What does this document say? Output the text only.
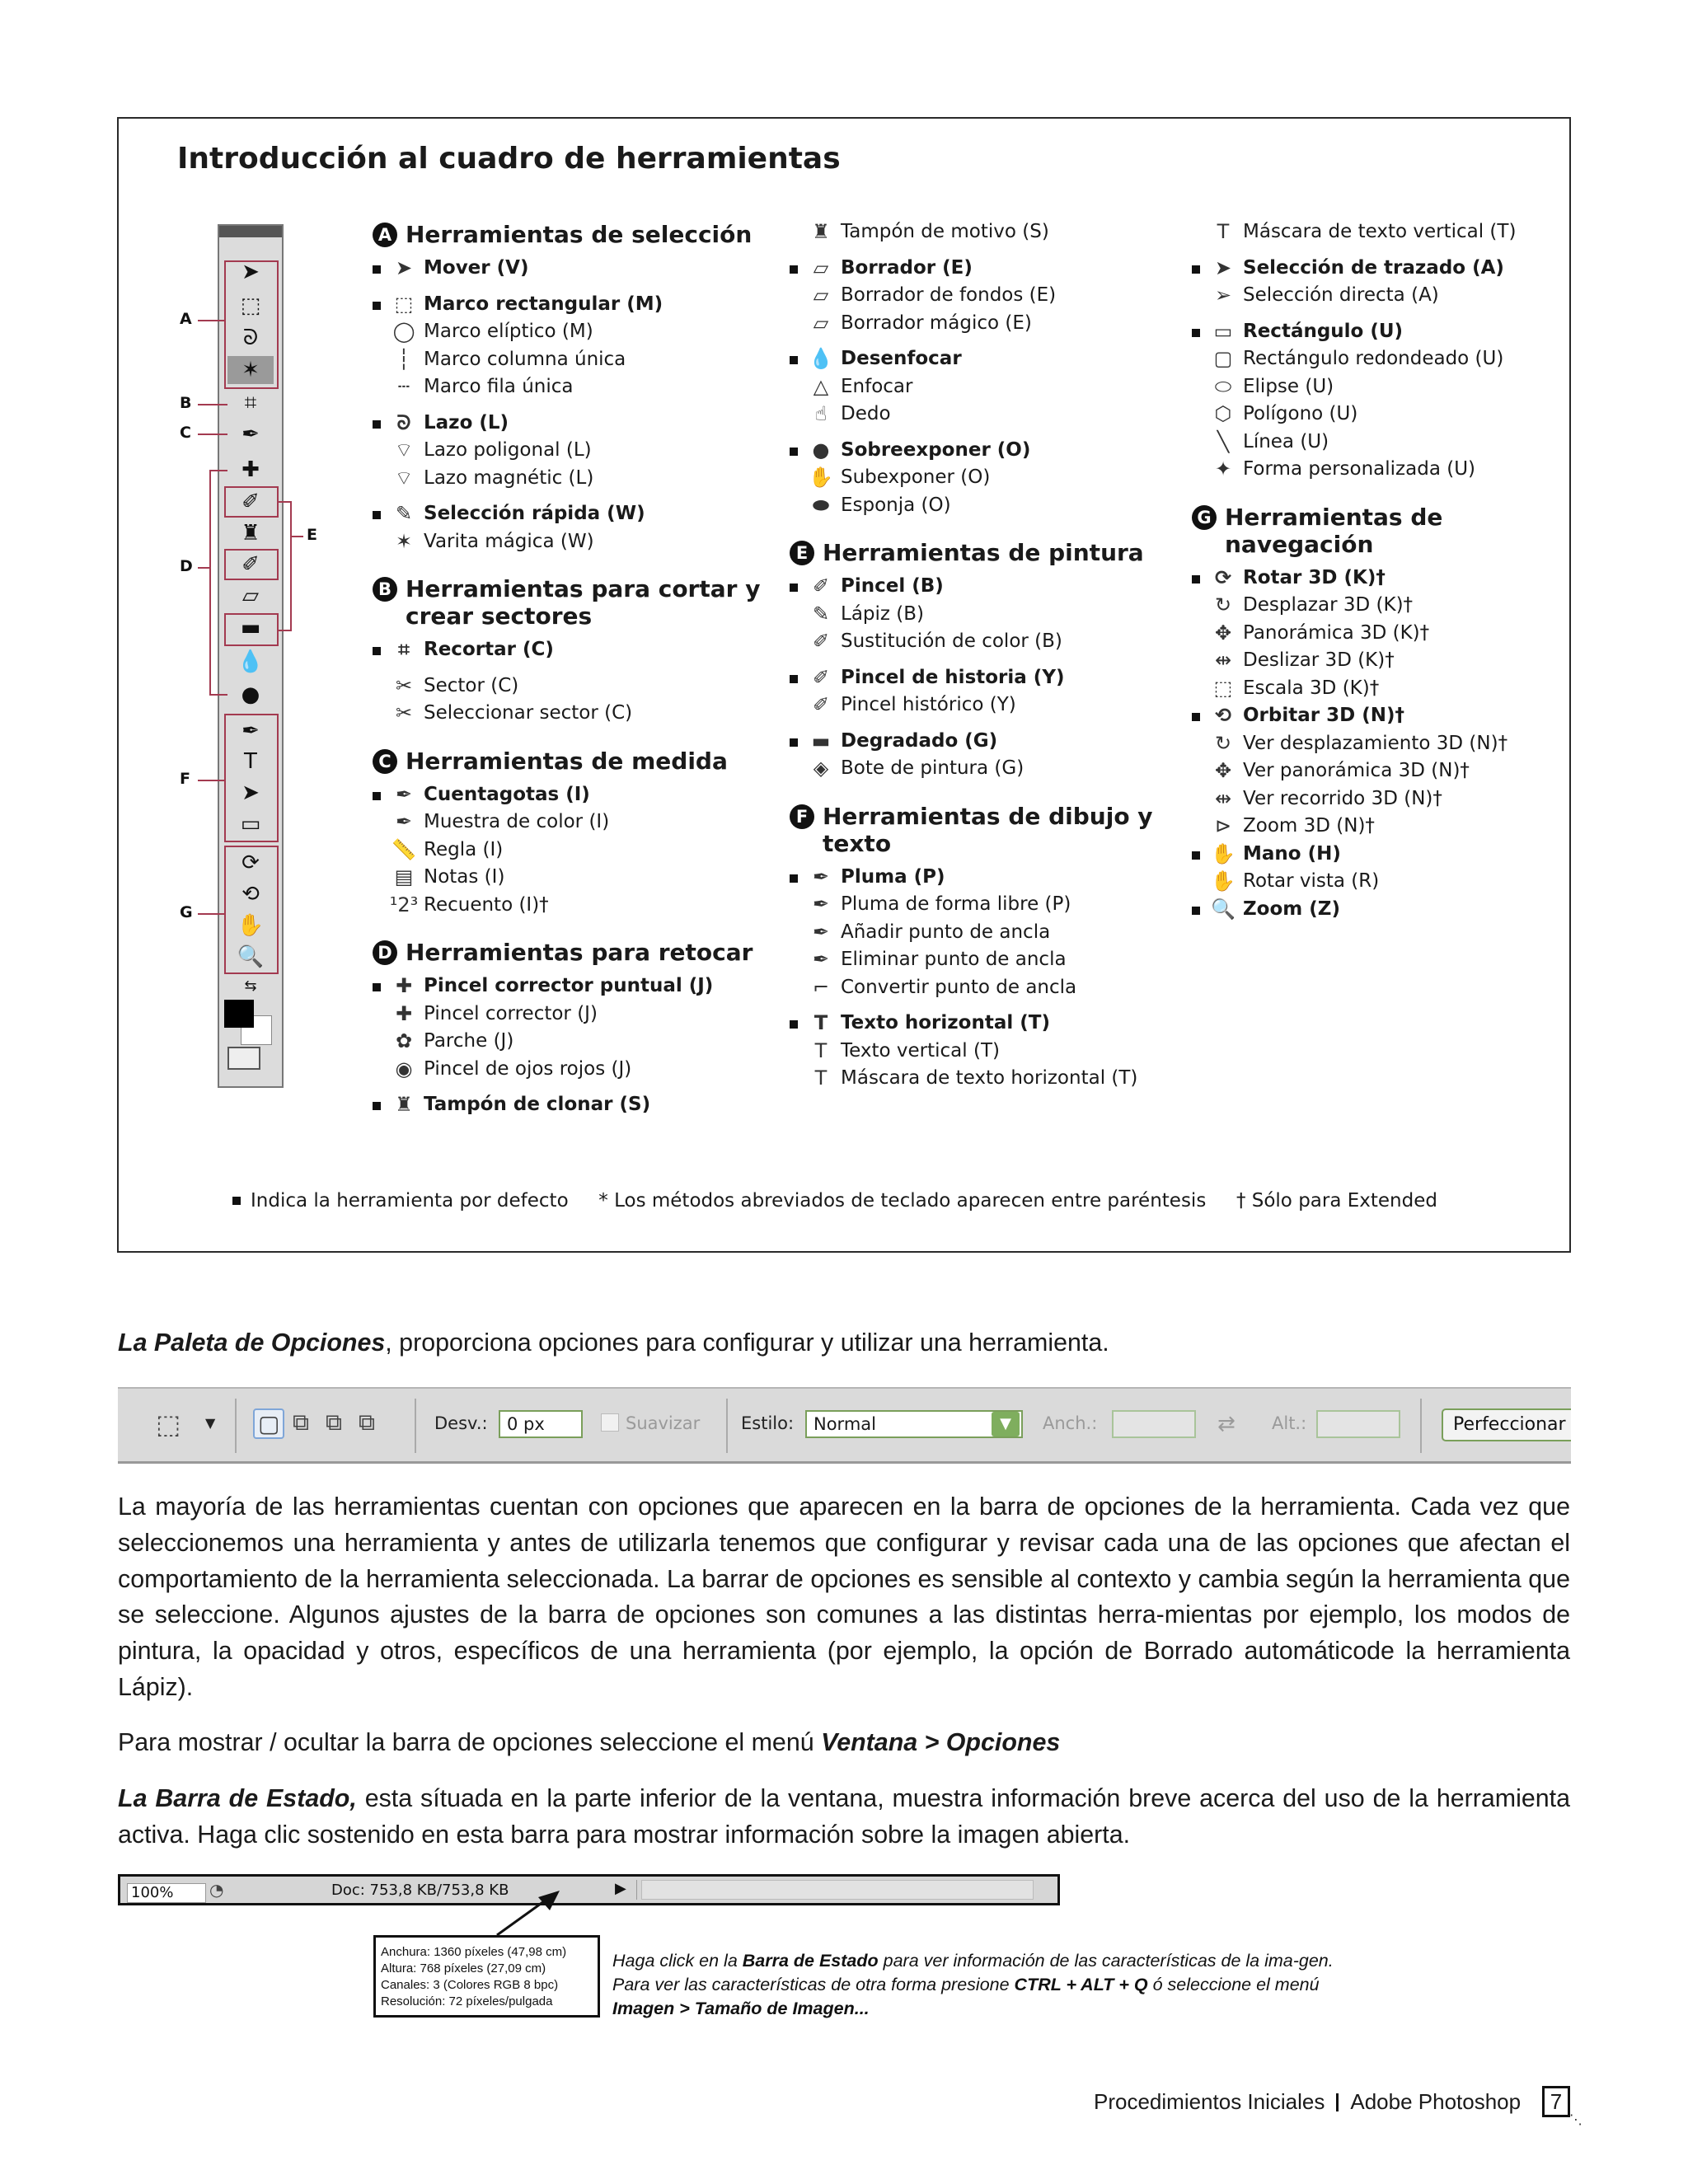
Introducción al cuadro de herramientas
➤
⬚
ᘐ
✶
⌗
✒
✚
✐
♜
✐
▱
▬
💧
●
✒
T
➤
▭
⟳
⟲
✋
🔍
⇆
A
B
C
D
E
F
G
A Herramientas de selección
➤ Mover (V)
⬚ Marco rectangular (M)
◯ Marco elíptico (M)
┆ Marco columna única
┄ Marco fila única
ᘐ Lazo (L)
⌔ Lazo poligonal (L)
⌔ Lazo magnétic (L)
✎ Selección rápida (W)
✶ Varita mágica (W)
B Herramientas para cortar y crear sectores
⌗ Recortar (C)
✂ Sector (C)
✂ Seleccionar sector (C)
C Herramientas de medida
✒ Cuentagotas (I)
✒ Muestra de color (I)
📏 Regla (I)
▤ Notas (I)
¹2³ Recuento (I)†
D Herramientas para retocar
✚ Pincel corrector puntual (J)
✚ Pincel corrector (J)
✿ Parche (J)
◉ Pincel de ojos rojos (J)
♜ Tampón de clonar (S)
♜ Tampón de motivo (S)
▱ Borrador (E)
▱ Borrador de fondos (E)
▱ Borrador mágico (E)
💧 Desenfocar
△ Enfocar
☝ Dedo
● Sobreexponer (O)
✋ Subexponer (O)
⬬ Esponja (O)
E Herramientas de pintura
✐ Pincel (B)
✎ Lápiz (B)
✐ Sustitución de color (B)
✐ Pincel de historia (Y)
✐ Pincel histórico (Y)
▬ Degradado (G)
◈ Bote de pintura (G)
F Herramientas de dibujo y texto
✒ Pluma (P)
✒ Pluma de forma libre (P)
✒ Añadir punto de ancla
✒ Eliminar punto de ancla
⌐ Convertir punto de ancla
T Texto horizontal (T)
T Texto vertical (T)
T Máscara de texto horizontal (T)
T Máscara de texto vertical (T)
➤ Selección de trazado (A)
➢ Selección directa (A)
▭ Rectángulo (U)
▢ Rectángulo redondeado (U)
⬭ Elipse (U)
⬡ Polígono (U)
╲ Línea (U)
✦ Forma personalizada (U)
G Herramientas de navegación
⟳ Rotar 3D (K)†
↻ Desplazar 3D (K)†
✥ Panorámica 3D (K)†
⇹ Deslizar 3D (K)†
⬚ Escala 3D (K)†
⟲ Orbitar 3D (N)†
↻ Ver desplazamiento 3D (N)†
✥ Ver panorámica 3D (N)†
⇹ Ver recorrido 3D (N)†
⊳ Zoom 3D (N)†
✋ Mano (H)
✋ Rotar vista (R)
🔍 Zoom (Z)
Indica la herramienta por defecto * Los métodos abreviados de teclado aparecen entre paréntesis † Sólo para Extended
La Paleta de Opciones, proporciona opciones para configurar y utilizar una herramienta.
⬚ ▼ ▢ ⧉ ⧉ ⧉	Desv.:	0 px	Suavizar Estilo:	Normal	▼	Anch.:	⇄ Alt.:	Perfeccionar
La mayoría de las herramientas cuentan con opciones que aparecen en la barra de opciones de la herramienta. Cada vez que seleccionemos una herramienta y antes de utilizarla tenemos que configurar y revisar cada una de las opciones que afectan el comportamiento de la herramienta seleccionada. La barrar de opciones es sensible al contexto y cambia según la herramienta que se seleccione. Algunos ajustes de la barra de opciones son comunes a las distintas herra-mientas por ejemplo, los modos de pintura, la opacidad y otros, específicos de una herramienta (por ejemplo, la opción de Borrado automáticode la herramienta Lápiz).
Para mostrar / ocultar la barra de opciones seleccione el menú Ventana > Opciones
La Barra de Estado, esta sítuada en la parte inferior de la ventana, muestra información breve acerca del uso de la herramienta activa. Haga clic sostenido en esta barra para mostrar información sobre la imagen abierta.
100%	◔	Doc: 753,8 KB/753,8 KB	▶
Anchura: 1360 píxeles (47,98 cm)
Altura: 768 píxeles (27,09 cm)
Canales: 3 (Colores RGB 8 bpc)
Resolución: 72 píxeles/pulgada
Haga click en la Barra de Estado para ver información de las características de la ima-gen. Para ver las características de otra forma presione CTRL + ALT + Q ó seleccione el menú Imagen > Tamaño de Imagen...
Procedimientos Iniciales Adobe Photoshop	7
⋱
